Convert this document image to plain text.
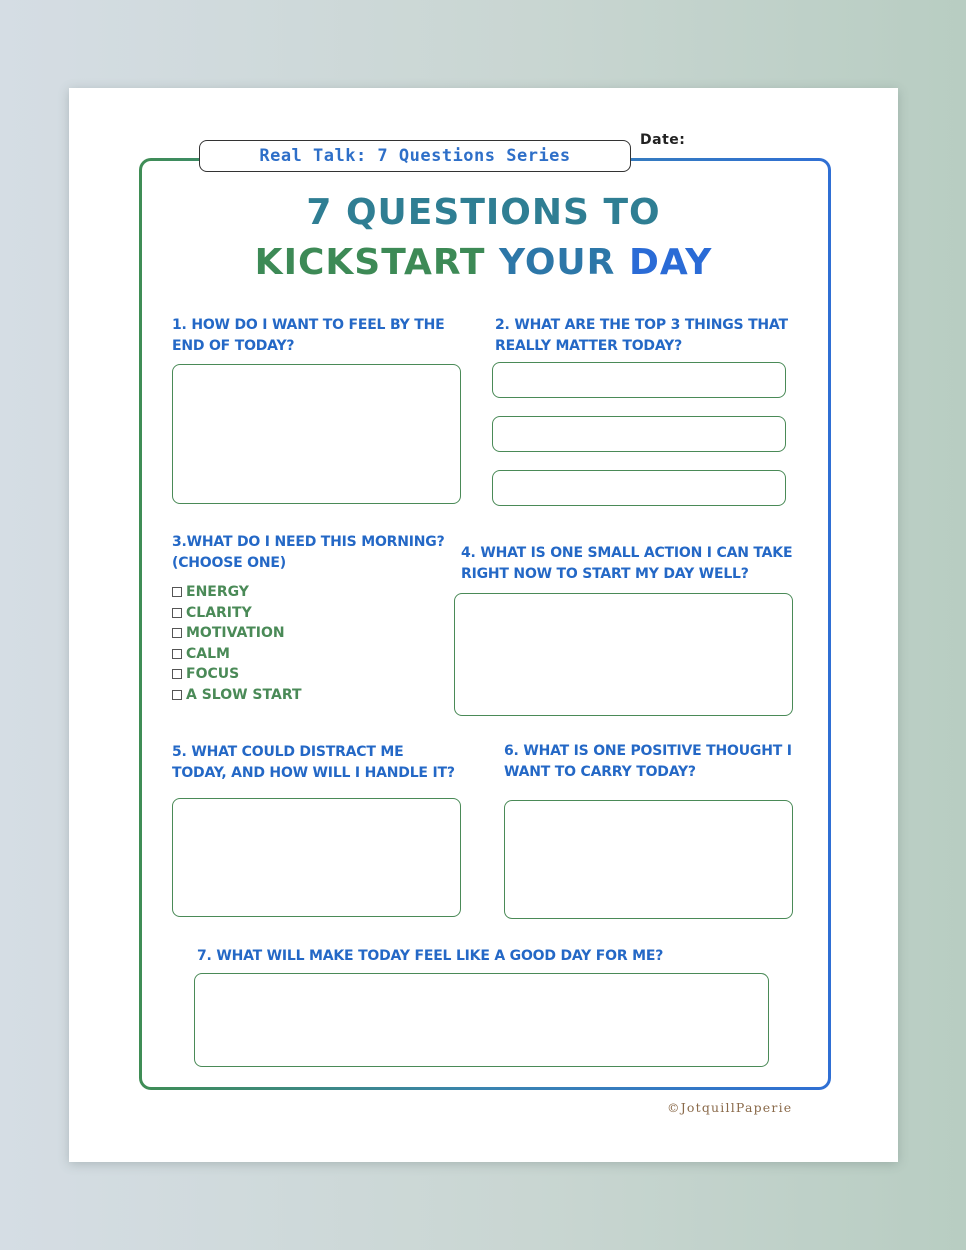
Real Talk: 7 Questions Series
Date:
7 QUESTIONS TO
KICKSTART YOUR DAY
1. HOW DO I WANT TO FEEL BY THE
END OF TODAY?
2. WHAT ARE THE TOP 3 THINGS THAT
REALLY MATTER TODAY?
3.WHAT DO I NEED THIS MORNING?
(CHOOSE ONE)
ENERGY
CLARITY
MOTIVATION
CALM
FOCUS
A SLOW START
4. WHAT IS ONE SMALL ACTION I CAN TAKE
RIGHT NOW TO START MY DAY WELL?
5. WHAT COULD DISTRACT ME
TODAY, AND HOW WILL I HANDLE IT?
6. WHAT IS ONE POSITIVE THOUGHT I
WANT TO CARRY TODAY?
7. WHAT WILL MAKE TODAY FEEL LIKE A GOOD DAY FOR ME?
©JotquillPaperie
